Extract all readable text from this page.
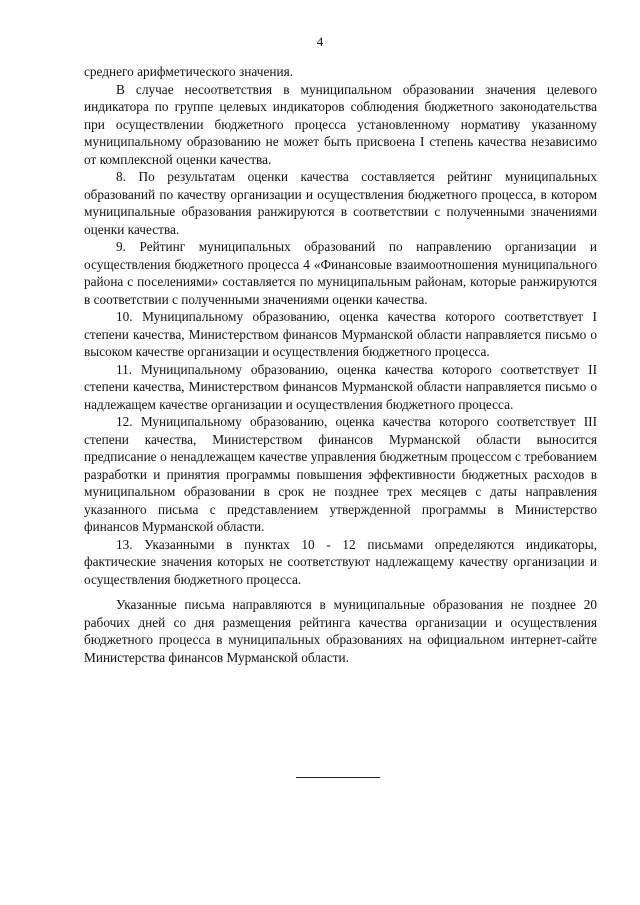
4

среднего арифметического значения.

В случае несоответствия в муниципальном образовании значения целевого индикатора по группе целевых индикаторов соблюдения бюджетного законодательства при осуществлении бюджетного процесса установленному нормативу указанному муниципальному образованию не может быть присвоена I степень качества независимо от комплексной оценки качества.

8. По результатам оценки качества составляется рейтинг муниципальных образований по качеству организации и осуществления бюджетного процесса, в котором муниципальные образования ранжируются в соответствии с полученными значениями оценки качества.

9. Рейтинг муниципальных образований по направлению организации и осуществления бюджетного процесса 4 «Финансовые взаимоотношения муниципального района с поселениями» составляется по муниципальным районам, которые ранжируются в соответствии с полученными значениями оценки качества.

10. Муниципальному образованию, оценка качества которого соответствует I степени качества, Министерством финансов Мурманской области направляется письмо о высоком качестве организации и осуществления бюджетного процесса.

11. Муниципальному образованию, оценка качества которого соответствует II степени качества, Министерством финансов Мурманской области направляется письмо о надлежащем качестве организации и осуществления бюджетного процесса.

12. Муниципальному образованию, оценка качества которого соответствует III степени качества, Министерством финансов Мурманской области выносится предписание о ненадлежащем качестве управления бюджетным процессом с требованием разработки и принятия программы повышения эффективности бюджетных расходов в муниципальном образовании в срок не позднее трех месяцев с даты направления указанного письма с представлением утвержденной программы в Министерство финансов Мурманской области.

13. Указанными в пунктах 10 - 12 письмами определяются индикаторы, фактические значения которых не соответствуют надлежащему качеству организации и осуществления бюджетного процесса.

Указанные письма направляются в муниципальные образования не позднее 20 рабочих дней со дня размещения рейтинга качества организации и осуществления бюджетного процесса в муниципальных образованиях на официальном интернет-сайте Министерства финансов Мурманской области.
